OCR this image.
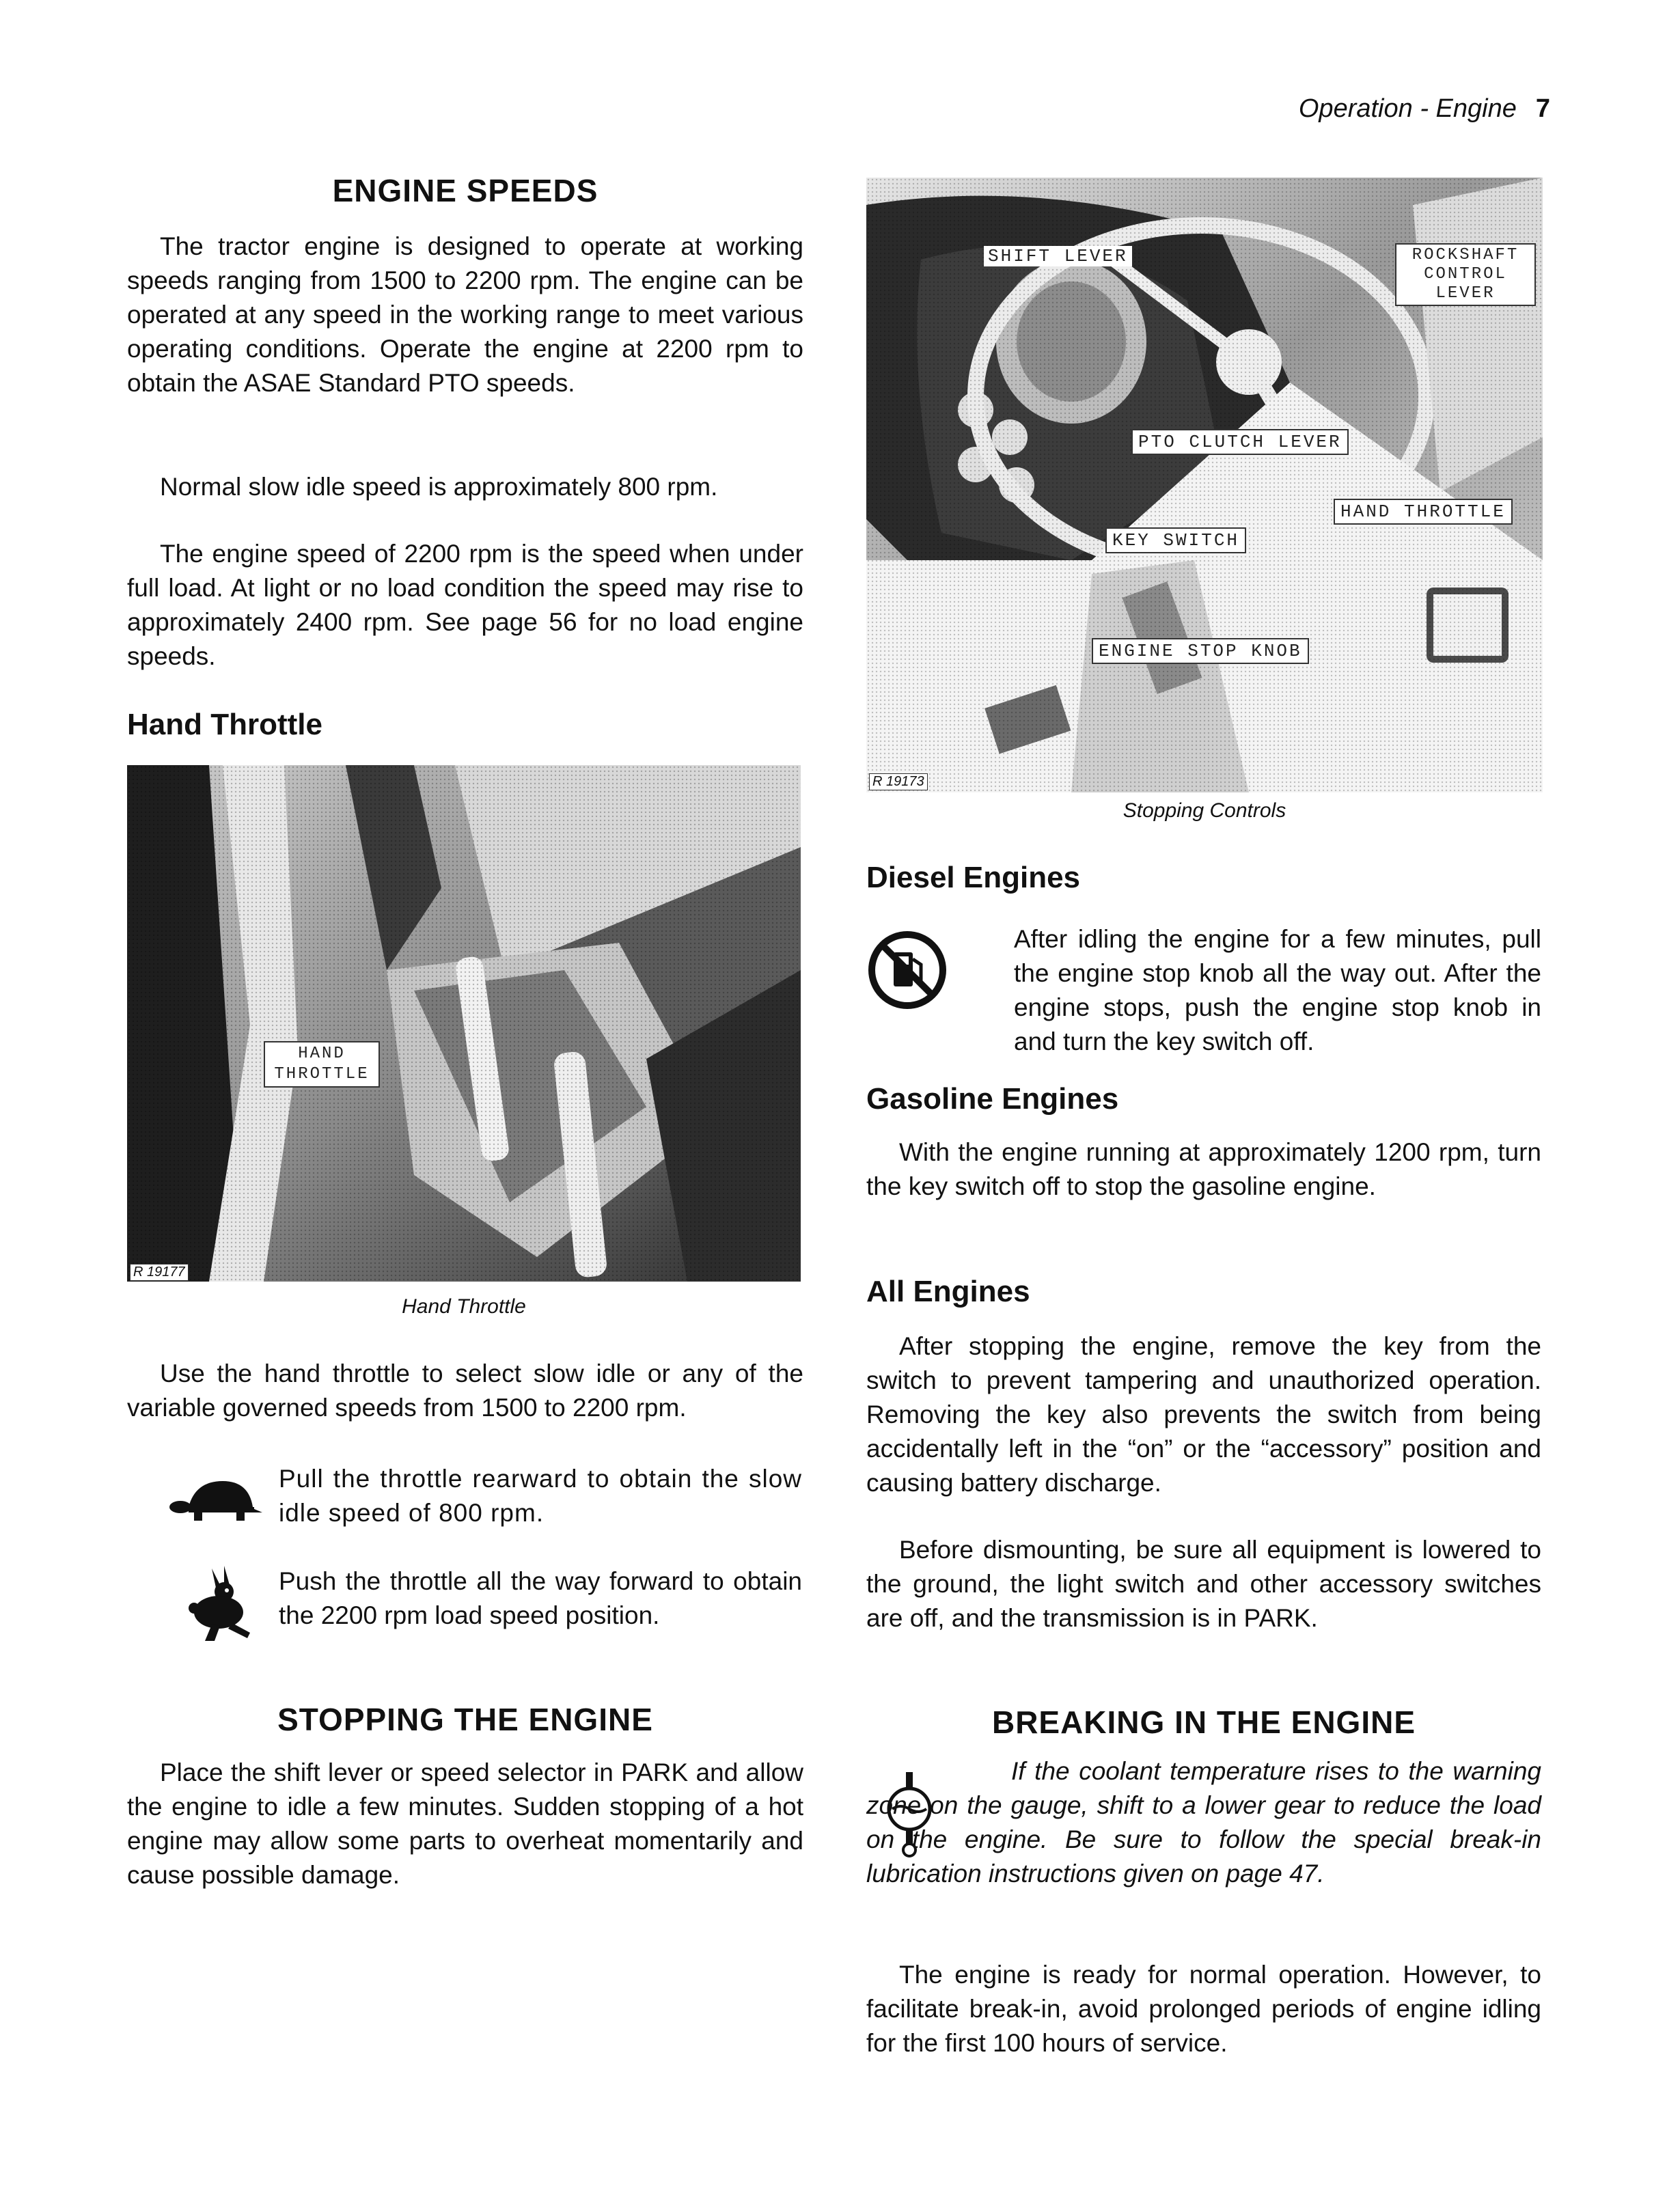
Operation - Engine 7
ENGINE SPEEDS

The tractor engine is designed to operate at working speeds ranging from 1500 to 2200 rpm. The engine can be operated at any speed in the working range to meet various operating conditions. Operate the engine at 2200 rpm to obtain the ASAE Standard PTO speeds.

Normal slow idle speed is approximately 800 rpm.

The engine speed of 2200 rpm is the speed when under full load. At light or no load condition the speed may rise to approximately 2400 rpm. See page 56 for no load engine speeds.

Hand Throttle
HAND THROTTLE
R 19177
Hand Throttle

Use the hand throttle to select slow idle or any of the variable governed speeds from 1500 to 2200 rpm.

Pull the throttle rearward to obtain the slow idle speed of 800 rpm.

Push the throttle all the way forward to obtain the 2200 rpm load speed position.

STOPPING THE ENGINE

Place the shift lever or speed selector in PARK and allow the engine to idle a few minutes. Sudden stopping of a hot engine may allow some parts to overheat momentarily and cause possible damage.

SHIFT LEVER	ROCKSHAFT CONTROL LEVER
PTO CLUTCH LEVER
HAND THROTTLE
KEY SWITCH
ENGINE STOP KNOB
R 19173
Stopping Controls
Diesel Engines

After idling the engine for a few minutes, pull the engine stop knob all the way out. After the engine stops, push the engine stop knob in and turn the key switch off.

Gasoline Engines

With the engine running at approximately 1200 rpm, turn the key switch off to stop the gasoline engine.

All Engines

After stopping the engine, remove the key from the switch to prevent tampering and unauthorized operation. Removing the key also prevents the switch from being accidentally left in the “on” or the “accessory” position and causing battery discharge.

Before dismounting, be sure all equipment is lowered to the ground, the light switch and other accessory switches are off, and the transmission is in PARK.

BREAKING IN THE ENGINE

If the coolant temperature rises to the warning zone on the gauge, shift to a lower gear to reduce the load on the engine. Be sure to follow the special break-in lubrication instructions given on page 47.

The engine is ready for normal operation. However, to facilitate break-in, avoid prolonged periods of engine idling for the first 100 hours of service.
